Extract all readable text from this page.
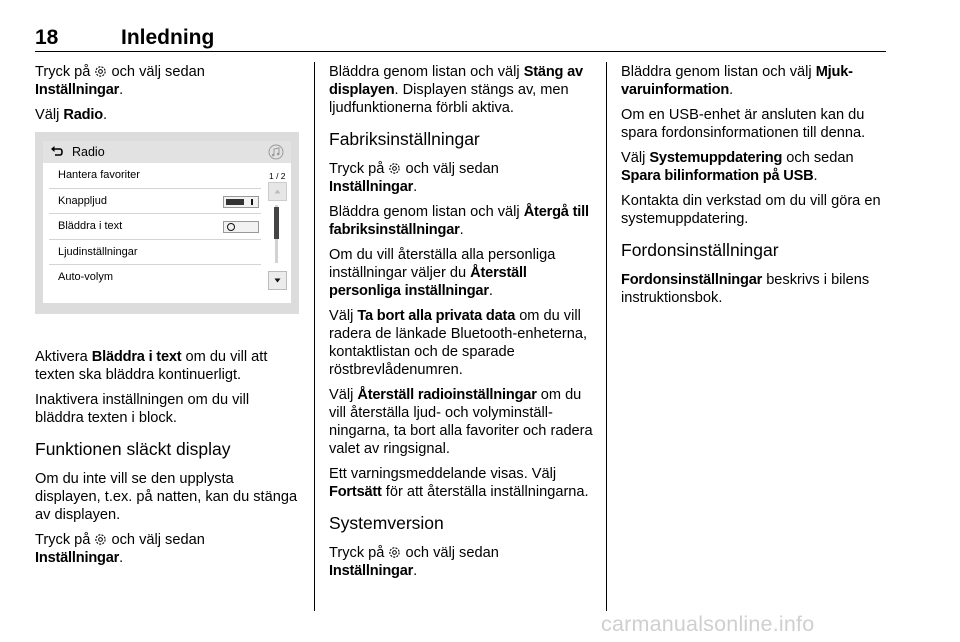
18	Inledning

Tryck på  och välj sedan
Inställningar.

Välj Radio.

Radio
Hantera favoriter
Knappljud
Bläddra i text
Ljudinställningar
Auto-volym
1 / 2

Aktivera Bläddra i text om du vill att texten ska bläddra kontinuerligt.

Inaktivera inställningen om du vill bläddra texten i block.

Funktionen släckt display

Om du inte vill se den upplysta displayen, t.ex. på natten, kan du stänga av displayen.

Tryck på  och välj sedan
Inställningar.

Bläddra genom listan och välj Stäng av displayen. Displayen stängs av, men ljudfunktionerna förbli aktiva.

Fabriksinställningar

Tryck på  och välj sedan
Inställningar.

Bläddra genom listan och välj Återgå till fabriksinställningar.

Om du vill återställa alla personliga inställningar väljer du Återställ personliga inställningar.

Välj Ta bort alla privata data om du vill radera de länkade Bluetooth-enheterna, kontaktlistan och de sparade röstbrevlådenumren.

Välj Återställ radioinställningar om du vill återställa ljud- och volyminställningarna, ta bort alla favoriter och radera valet av ringsignal.

Ett varningsmeddelande visas. Välj Fortsätt för att återställa inställningarna.

Systemversion

Tryck på  och välj sedan
Inställningar.

Bläddra genom listan och välj Mjukvaruinformation.

Om en USB-enhet är ansluten kan du spara fordonsinformationen till denna.

Välj Systemuppdatering och sedan Spara bilinformation på USB.

Kontakta din verkstad om du vill göra en systemuppdatering.

Fordonsinställningar

Fordonsinställningar beskrivs i bilens instruktionsbok.

carmanualsonline.info
